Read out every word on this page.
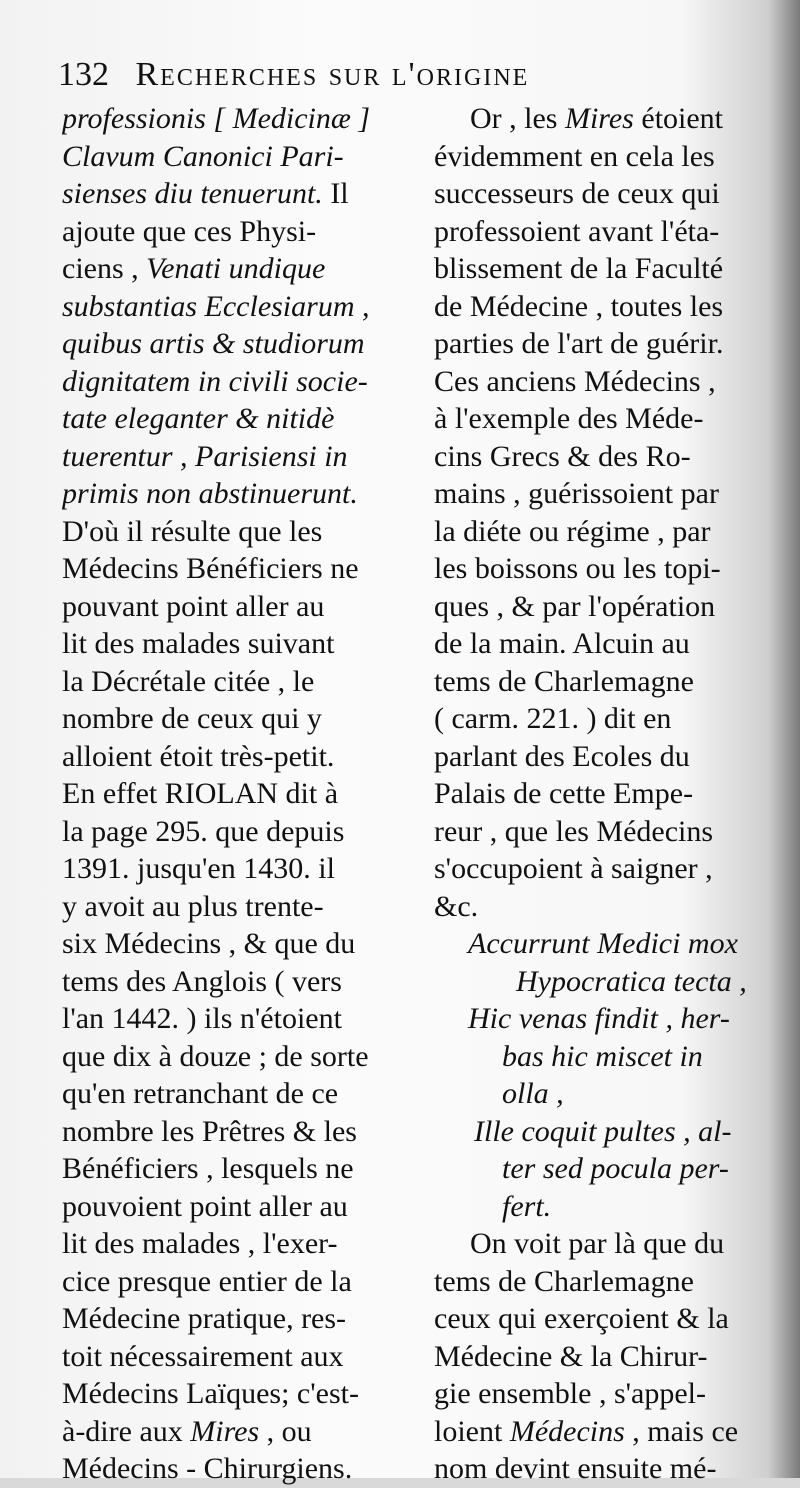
132 Recherches sur l'origine
professionis [ Medicinæ ]
Clavum Canonici Pari-
sienses diu tenuerunt. Il
ajoute que ces Physi-
ciens , Venati undique
substantias Ecclesiarum ,
quibus artis & studiorum
dignitatem in civili socie-
tate eleganter & nitidè
tuerentur , Parisiensi in
primis non abstinuerunt.
D'où il résulte que les
Médecins Bénéficiers ne
pouvant point aller au
lit des malades suivant
la Décrétale citée , le
nombre de ceux qui y
alloient étoit très-petit.
En effet RIOLAN dit à
la page 295. que depuis
1391. jusqu'en 1430. il
y avoit au plus trente-
six Médecins , & que du
tems des Anglois ( vers
l'an 1442. ) ils n'étoient
que dix à douze ; de sorte
qu'en retranchant de ce
nombre les Prêtres & les
Bénéficiers , lesquels ne
pouvoient point aller au
lit des malades , l'exer-
cice presque entier de la
Médecine pratique, res-
toit nécessairement aux
Médecins Laïques; c'est-
à-dire aux Mires , ou
Médecins - Chirurgiens.
Or , les Mires étoient
évidemment en cela les
successeurs de ceux qui
professoient avant l'éta-
blissement de la Faculté
de Médecine , toutes les
parties de l'art de guérir.
Ces anciens Médecins ,
à l'exemple des Méde-
cins Grecs & des Ro-
mains , guérissoient par
la diéte ou régime , par
les boissons ou les topi-
ques , & par l'opération
de la main. Alcuin au
tems de Charlemagne
( carm. 221. ) dit en
parlant des Ecoles du
Palais de cette Empe-
reur , que les Médecins
s'occupoient à saigner ,
&c.
Accurrunt Medici mox
Hypocratica tecta ,
Hic venas findit , her-
bas hic miscet in
olla ,
Ille coquit pultes , al-
ter sed pocula per-
fert.
On voit par là que du
tems de Charlemagne
ceux qui exerçoient & la
Médecine & la Chirur-
gie ensemble , s'appel-
loient Médecins , mais ce
nom devint ensuite mé-
